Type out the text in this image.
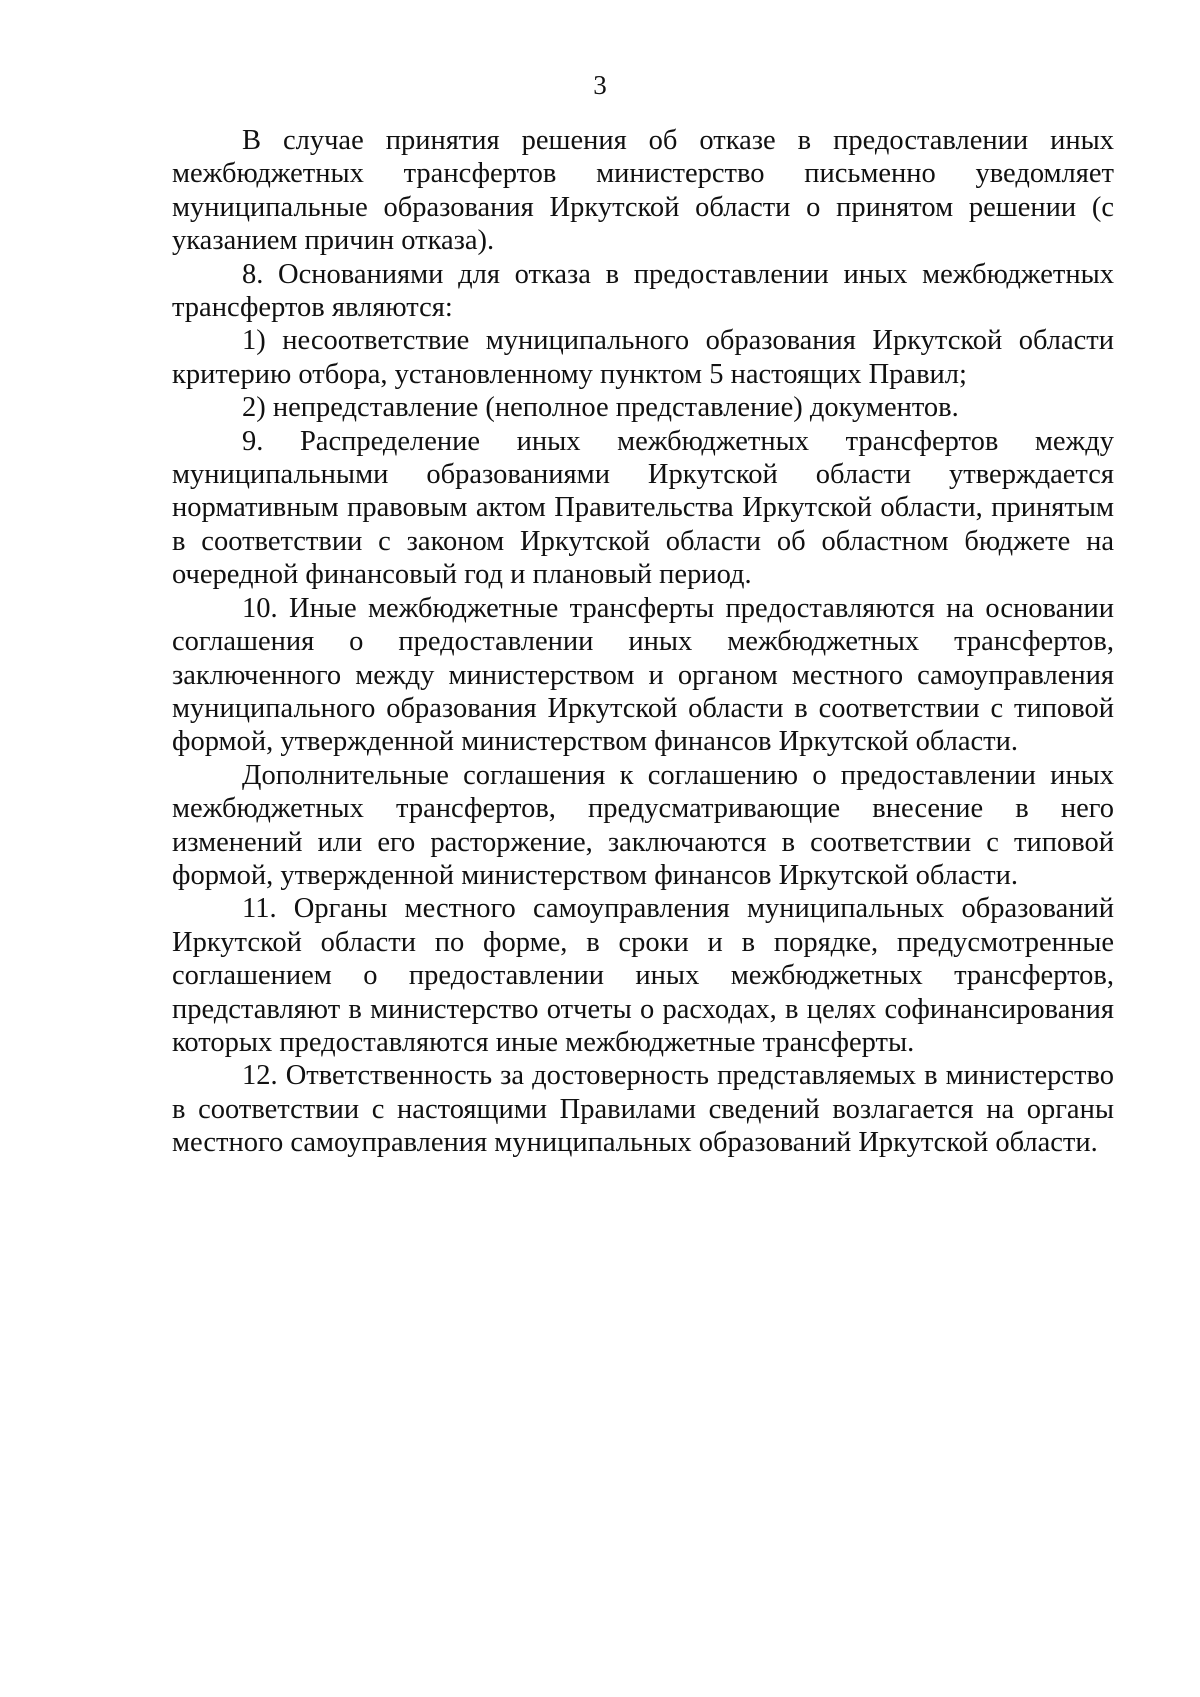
3

В случае принятия решения об отказе в предоставлении иных межбюджетных трансфертов министерство письменно уведомляет муниципальные образования Иркутской области о принятом решении (с указанием причин отказа).

8. Основаниями для отказа в предоставлении иных межбюджетных трансфертов являются:

1) несоответствие муниципального образования Иркутской области критерию отбора, установленному пунктом 5 настоящих Правил;

2) непредставление (неполное представление) документов.

9. Распределение иных межбюджетных трансфертов между муниципальными образованиями Иркутской области утверждается нормативным правовым актом Правительства Иркутской области, принятым в соответствии с законом Иркутской области об областном бюджете на очередной финансовый год и плановый период.

10. Иные межбюджетные трансферты предоставляются на основании соглашения о предоставлении иных межбюджетных трансфертов, заключенного между министерством и органом местного самоуправления муниципального образования Иркутской области в соответствии с типовой формой, утвержденной министерством финансов Иркутской области.

Дополнительные соглашения к соглашению о предоставлении иных межбюджетных трансфертов, предусматривающие внесение в него изменений или его расторжение, заключаются в соответствии с типовой формой, утвержденной министерством финансов Иркутской области.

11. Органы местного самоуправления муниципальных образований Иркутской области по форме, в сроки и в порядке, предусмотренные соглашением о предоставлении иных межбюджетных трансфертов, представляют в министерство отчеты о расходах, в целях софинансирования которых предоставляются иные межбюджетные трансферты.

12. Ответственность за достоверность представляемых в министерство в соответствии с настоящими Правилами сведений возлагается на органы местного самоуправления муниципальных образований Иркутской области.
